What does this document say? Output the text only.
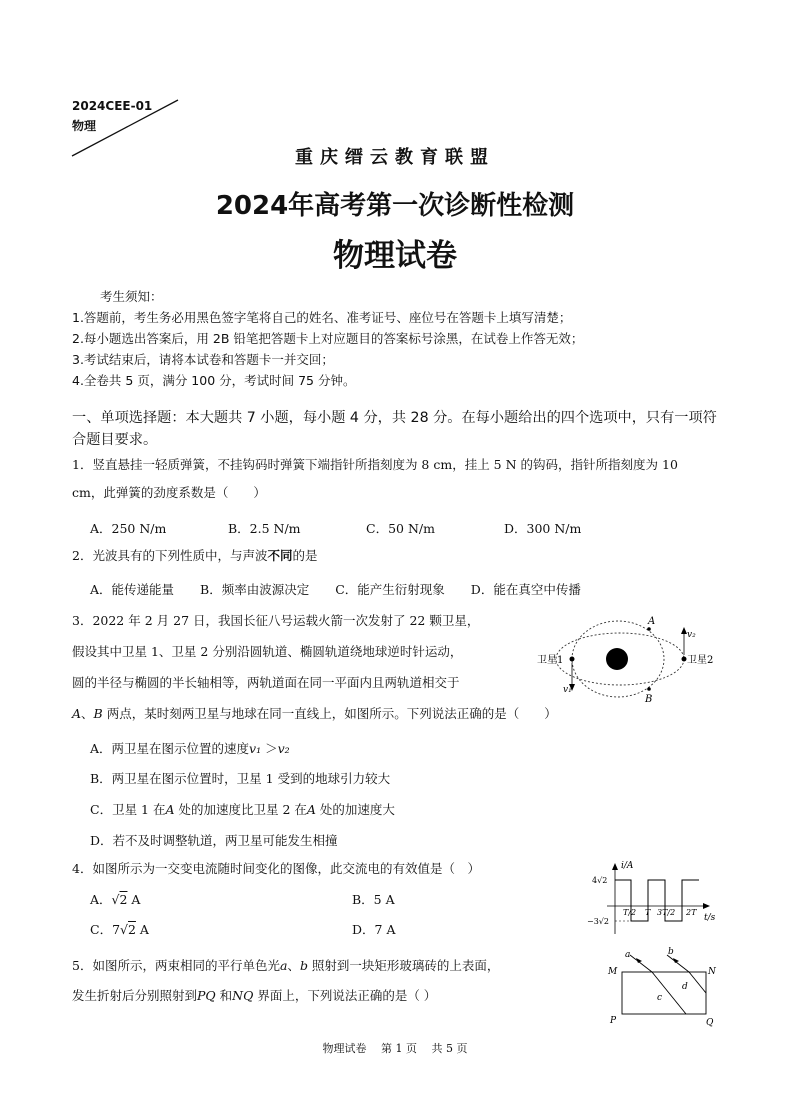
2024CEE-01
物理
重庆缙云教育联盟
2024年高考第一次诊断性检测
物理试卷
考生须知：
1.答题前，考生务必用黑色签字笔将自己的姓名、准考证号、座位号在答题卡上填写清楚；
2.每小题选出答案后，用 2B 铅笔把答题卡上对应题目的答案标号涂黑，在试卷上作答无效；
3.考试结束后，请将本试卷和答题卡一并交回；
4.全卷共 5 页，满分 100 分，考试时间 75 分钟。
一、单项选择题：本大题共 7 小题，每小题 4 分，共 28 分。在每小题给出的四个选项中，只有一项符合题目要求。
1．竖直悬挂一轻质弹簧，不挂钩码时弹簧下端指针所指刻度为 8 cm，挂上 5 N 的钩码，指针所指刻度为 10
cm，此弹簧的劲度系数是（　　）
A．250 N/m	B．2.5 N/m	C．50 N/m	D．300 N/m
2．光波具有的下列性质中，与声波不同的是
A．能传递能量 B．频率由波源决定 C．能产生衍射现象 D．能在真空中传播
3．2022 年 2 月 27 日，我国长征八号运载火箭一次发射了 22 颗卫星，
假设其中卫星 1、卫星 2 分别沿圆轨道、椭圆轨道绕地球逆时针运动，
圆的半径与椭圆的半长轴相等，两轨道面在同一平面内且两轨道相交于
A、B 两点，某时刻两卫星与地球在同一直线上，如图所示。下列说法正确的是（　　）
A．两卫星在图示位置的速度v₁ ＞v₂
B．两卫星在图示位置时，卫星 1 受到的地球引力较大
C．卫星 1 在A 处的加速度比卫星 2 在A 处的加速度大
D．若不及时调整轨道，两卫星可能发生相撞
卫星1	卫星2
A
B
v₂
v₁
4．如图所示为一交变电流随时间变化的图像，此交流电的有效值是（　）
A．√2 A	B．5 A
C．7√2 A	D．7 A
i/A
t/s
4√2
−3√2
T/2 T 3T/2 2T
5．如图所示，两束相同的平行单色光a、b 照射到一块矩形玻璃砖的上表面，
发生折射后分别照射到PQ 和NQ 界面上，下列说法正确的是（ ）
a	b
M	N
P	Q
c
d
物理试卷　 第 1 页　 共 5 页
